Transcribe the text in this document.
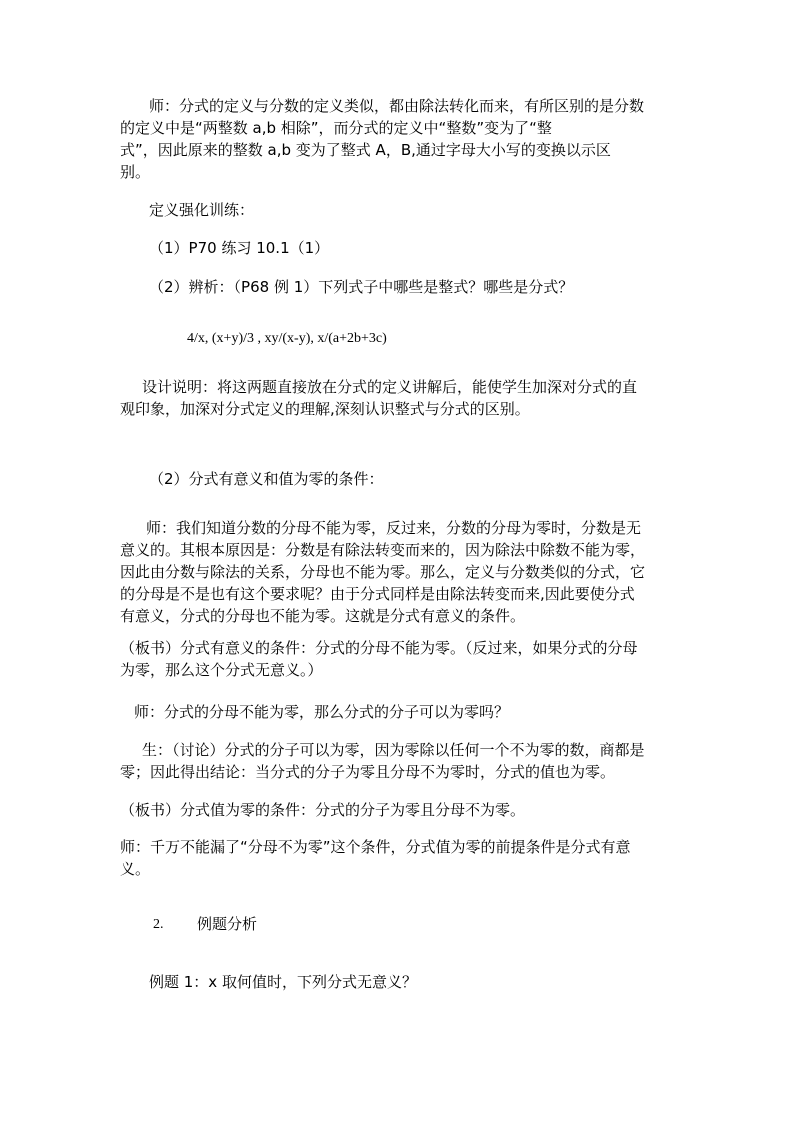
师：分式的定义与分数的定义类似，都由除法转化而来，有所区别的是分数
的定义中是“两整数 a,b 相除”，而分式的定义中“整数”变为了“整
式”，因此原来的整数 a,b 变为了整式 A，B,通过字母大小写的变换以示区
别。

定义强化训练：

（1）P70 练习 10.1（1）

（2）辨析：（P68 例 1）下列式子中哪些是整式？哪些是分式？

4/x, (x+y)/3 , xy/(x-y), x/(a+2b+3c)

设计说明：将这两题直接放在分式的定义讲解后，能使学生加深对分式的直
观印象，加深对分式定义的理解,深刻认识整式与分式的区别。

（2）分式有意义和值为零的条件：

师：我们知道分数的分母不能为零，反过来，分数的分母为零时，分数是无
意义的。其根本原因是：分数是有除法转变而来的，因为除法中除数不能为零，
因此由分数与除法的关系，分母也不能为零。那么，定义与分数类似的分式，它
的分母是不是也有这个要求呢？由于分式同样是由除法转变而来,因此要使分式
有意义，分式的分母也不能为零。这就是分式有意义的条件。
（板书）分式有意义的条件：分式的分母不能为零。（反过来，如果分式的分母
为零，那么这个分式无意义。）

师：分式的分母不能为零，那么分式的分子可以为零吗？

生：（讨论）分式的分子可以为零，因为零除以任何一个不为零的数，商都是
零；因此得出结论：当分式的分子为零且分母不为零时，分式的值也为零。

（板书）分式值为零的条件：分式的分子为零且分母不为零。

师：千万不能漏了“分母不为零”这个条件，分式值为零的前提条件是分式有意
义。

2. 例题分析

例题 1：x 取何值时，下列分式无意义？
